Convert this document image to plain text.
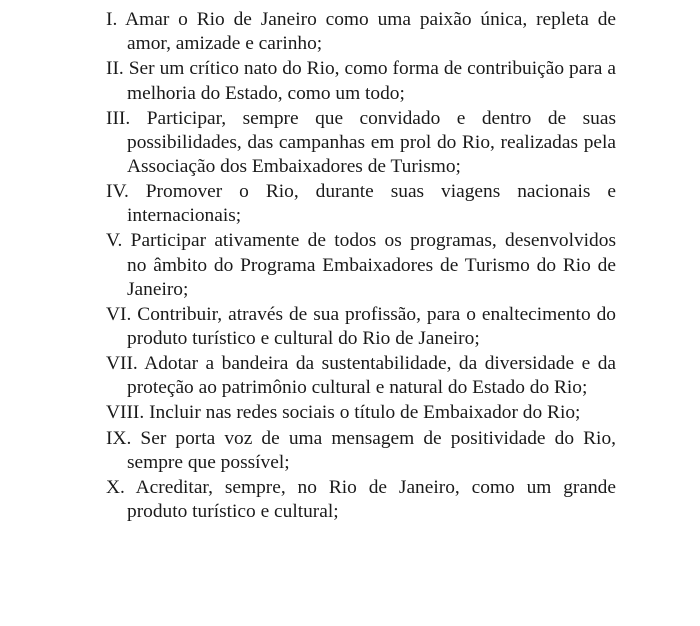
I. Amar o Rio de Janeiro como uma paixão única, repleta de amor, amizade e carinho;
II. Ser um crítico nato do Rio, como forma de contribuição para a melhoria do Estado, como um todo;
III. Participar, sempre que convidado e dentro de suas possibilidades, das campanhas em prol do Rio, realizadas pela Associação dos Embaixadores de Turismo;
IV. Promover o Rio, durante suas viagens nacionais e internacionais;
V. Participar ativamente de todos os programas, desenvolvidos no âmbito do Programa Embaixadores de Turismo do Rio de Janeiro;
VI. Contribuir, através de sua profissão, para o enaltecimento do produto turístico e cultural do Rio de Janeiro;
VII. Adotar a bandeira da sustentabilidade, da diversidade e da proteção ao patrimônio cultural e natural do Estado do Rio;
VIII. Incluir nas redes sociais o título de Embaixador do Rio;
IX. Ser porta voz de uma mensagem de positividade do Rio, sempre que possível;
X. Acreditar, sempre, no Rio de Janeiro, como um grande produto turístico e cultural;
